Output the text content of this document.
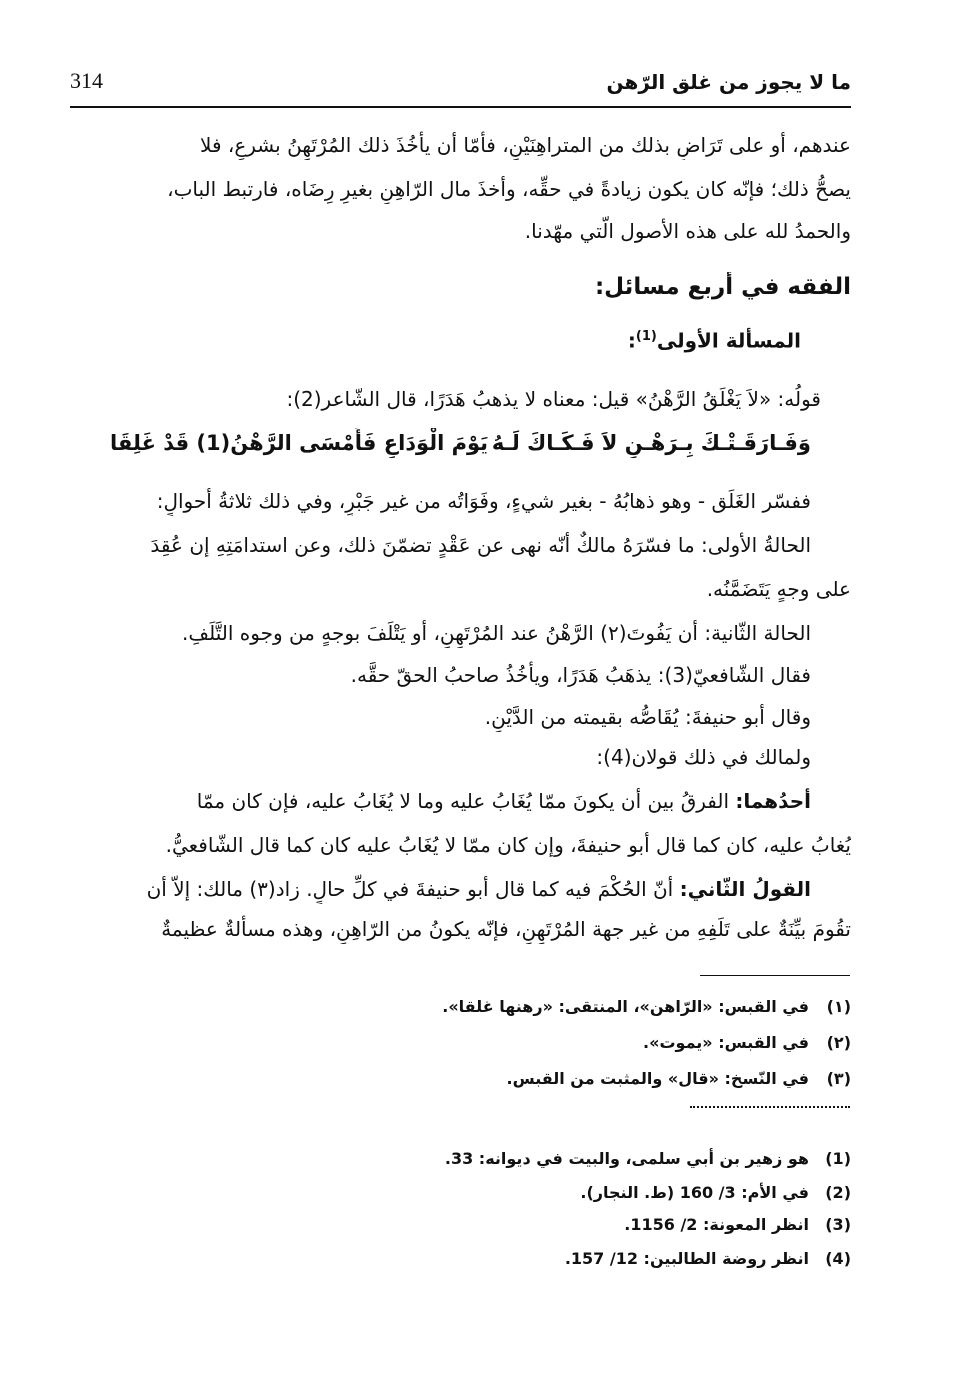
314	ما لا يجوز من غلق الرّهن
عندهم، أو على تَرَاضٍ بذلك من المتراهِنَيْنِ، فأمّا أن يأخُذَ ذلك المُرْتَهِنُ بشرعٍ، فلا
يصحُّ ذلك؛ فإنّه كان يكون زيادةً في حقِّه، وأخذَ مال الرّاهِنِ بغيرِ رِضَاه، فارتبط الباب،
والحمدُ لله على هذه الأصول الّتي مهّدنا.
الفقه في أربع مسائل:
المسألة الأولى$^{(1)}$:
قولُه: «لاَ يَغْلَقُ الرَّهْنُ» قيل: معناه لا يذهبُ هَدَرًا، قال الشّاعر(2):
وَفَـارَقَـتْـكَ بِـرَهْـنٍ لاَ فَـكَـاكَ لَـهُ
يَوْمَ الْوَدَاعِ فَأَمْسَى الرَّهْنُ(1) قَدْ غَلِقَا
ففسّر الغَلَق - وهو ذهابُهُ - بغير شيءٍ، وفَوَاتُه من غير جَبْرٍ، وفي ذلك ثلاثةُ أحوالٍ:
الحالةُ الأولى: ما فسّرَهُ مالكٌ أنّه نهى عن عَقْدٍ تضمّنَ ذلك، وعن استدامَتِهِ إن عُقِدَ
على وجهٍ يَتَضَمَّنُه.
الحالة الثّانية: أن يَفُوتَ(٢) الرَّهْنُ عند المُرْتَهِنِ، أو يَتْلَفَ بوجهٍ من وجوه التَّلَفِ.
فقال الشّافعيّ(3): يذهَبُ هَدَرًا، ويأخُذُ صاحبُ الحقّ حقَّه.
وقال أبو حنيفةَ: يُقَاصُّه بقيمته من الدَّيْنِ.
ولمالك في ذلك قولان(4):
أحدُهما: الفرقُ بين أن يكونَ ممّا يُغَابُ عليه وما لا يُغَابُ عليه، فإن كان ممّا
يُغابُ عليه، كان كما قال أبو حنيفةَ، وإن كان ممّا لا يُغَابُ عليه كان كما قال الشّافعيُّ.
القولُ الثّاني: أنّ الحُكْمَ فيه كما قال أبو حنيفةَ في كلِّ حالٍ. زاد(٣) مالك: إلاّ أن
تقُومَ بيِّنَةٌ على تَلَفِهِ من غير جهة المُرْتَهِنِ، فإنّه يكونُ من الرّاهِنِ، وهذه مسألةٌ عظيمةٌ
(١)في القبس: «الرّاهن»، المنتقى: «رهنها غلقا».
(٢)في القبس: «يموت».
(٣)في النّسخ: «قال» والمثبت من القبس.
(1)هو زهير بن أبي سلمى، والبيت في ديوانه: 33.
(2)في الأم: 3/ 160 (ط. النجار).
(3)انظر المعونة: 2/ 1156.
(4)انظر روضة الطالبين: 12/ 157.
